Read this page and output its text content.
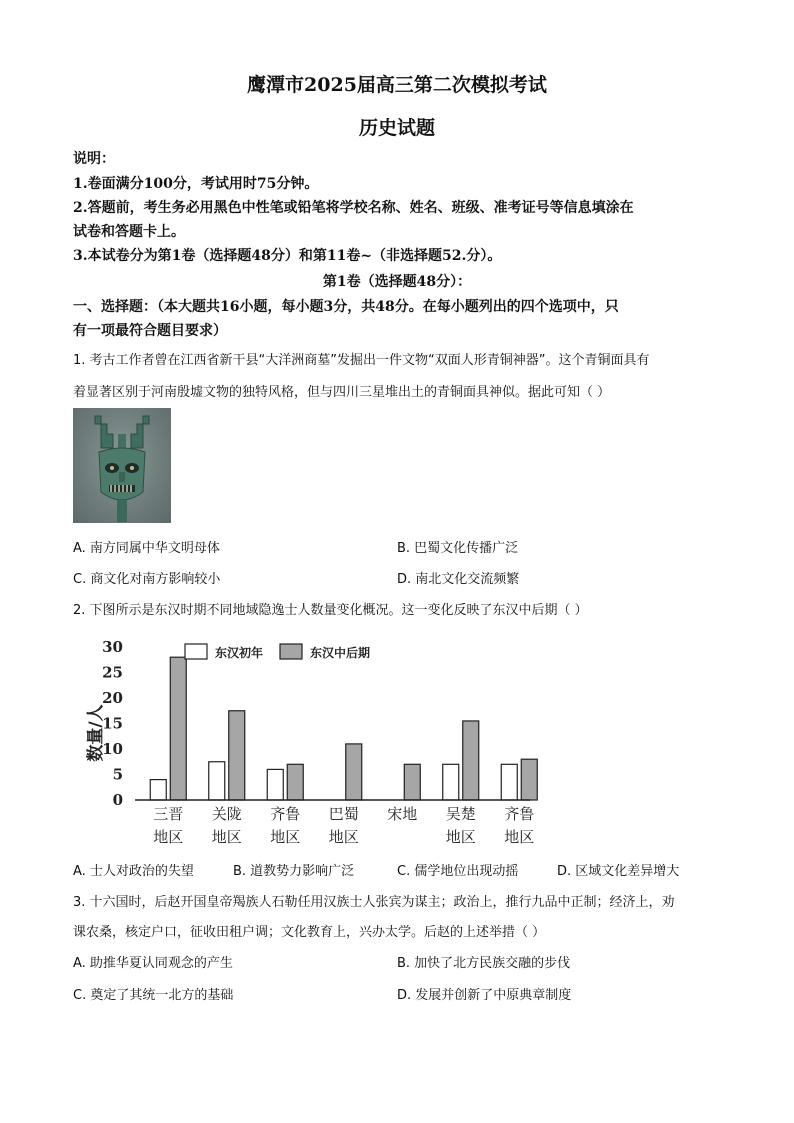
鹰潭市2025届高三第二次模拟考试
历史试题
说明：
1.卷面满分100分，考试用时75分钟。
2.答题前，考生务必用黑色中性笔或铅笔将学校名称、姓名、班级、准考证号等信息填涂在
试卷和答题卡上。
3.本试卷分为第1卷（选择题48分）和第11卷~（非选择题52.分）。
第1卷（选择题48分）：
一、选择题：（本大题共16小题，每小题3分，共48分。在每小题列出的四个选项中，只
有一项最符合题目要求）
1. 考古工作者曾在江西省新干县“大洋洲商墓”发掘出一件文物“双面人形青铜神器”。这个青铜面具有
着显著区别于河南殷墟文物的独特风格，但与四川三星堆出土的青铜面具神似。据此可知（ ）
A. 南方同属中华文明母体	B. 巴蜀文化传播广泛
C. 商文化对南方影响较小	D. 南北文化交流频繁
2. 下图所示是东汉时期不同地域隐逸士人数量变化概况。这一变化反映了东汉中后期（ ）
0
5
10
15
20
25
30
三晋
地区
关陇
地区
齐鲁
地区
巴蜀
地区
宋地 吴楚
地区
齐鲁
地区
东汉初年	东汉中后期
数量/人
A. 士人对政治的失望	B. 道教势力影响广泛	C. 儒学地位出现动摇	D. 区域文化差异增大
3. 十六国时，后赵开国皇帝羯族人石勒任用汉族士人张宾为谋主；政治上，推行九品中正制；经济上，劝
课农桑，核定户口，征收田租户调；文化教育上，兴办太学。后赵的上述举措（ ）
A. 助推华夏认同观念的产生	B. 加快了北方民族交融的步伐
C. 奠定了其统一北方的基础	D. 发展并创新了中原典章制度
